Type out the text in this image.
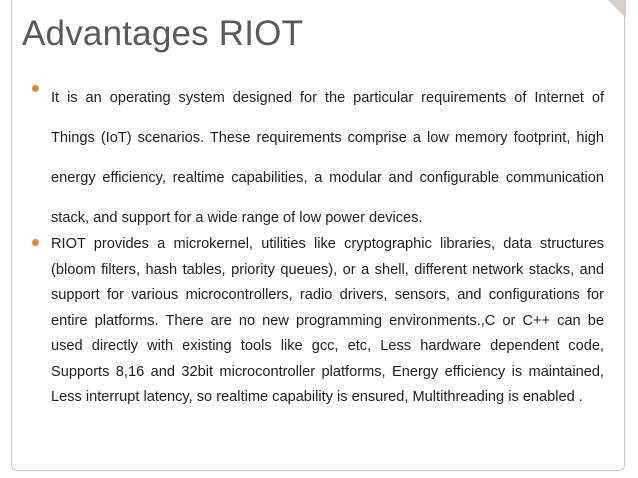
Advantages RIOT

It is an operating system designed for the particular requirements of Internet of Things (IoT) scenarios. These requirements comprise a low memory footprint, high energy efficiency, realtime capabilities, a modular and configurable communication stack, and support for a wide range of low power devices.

RIOT provides a microkernel, utilities like cryptographic libraries, data structures (bloom filters, hash tables, priority queues), or a shell, different network stacks, and support for various microcontrollers, radio drivers, sensors, and configurations for entire platforms. There are no new programming environments.,C or C++ can be used directly with existing tools like gcc, etc, Less hardware dependent code, Supports 8,16 and 32bit microcontroller platforms, Energy efficiency is maintained, Less interrupt latency, so realtime capability is ensured, Multithreading is enabled .
